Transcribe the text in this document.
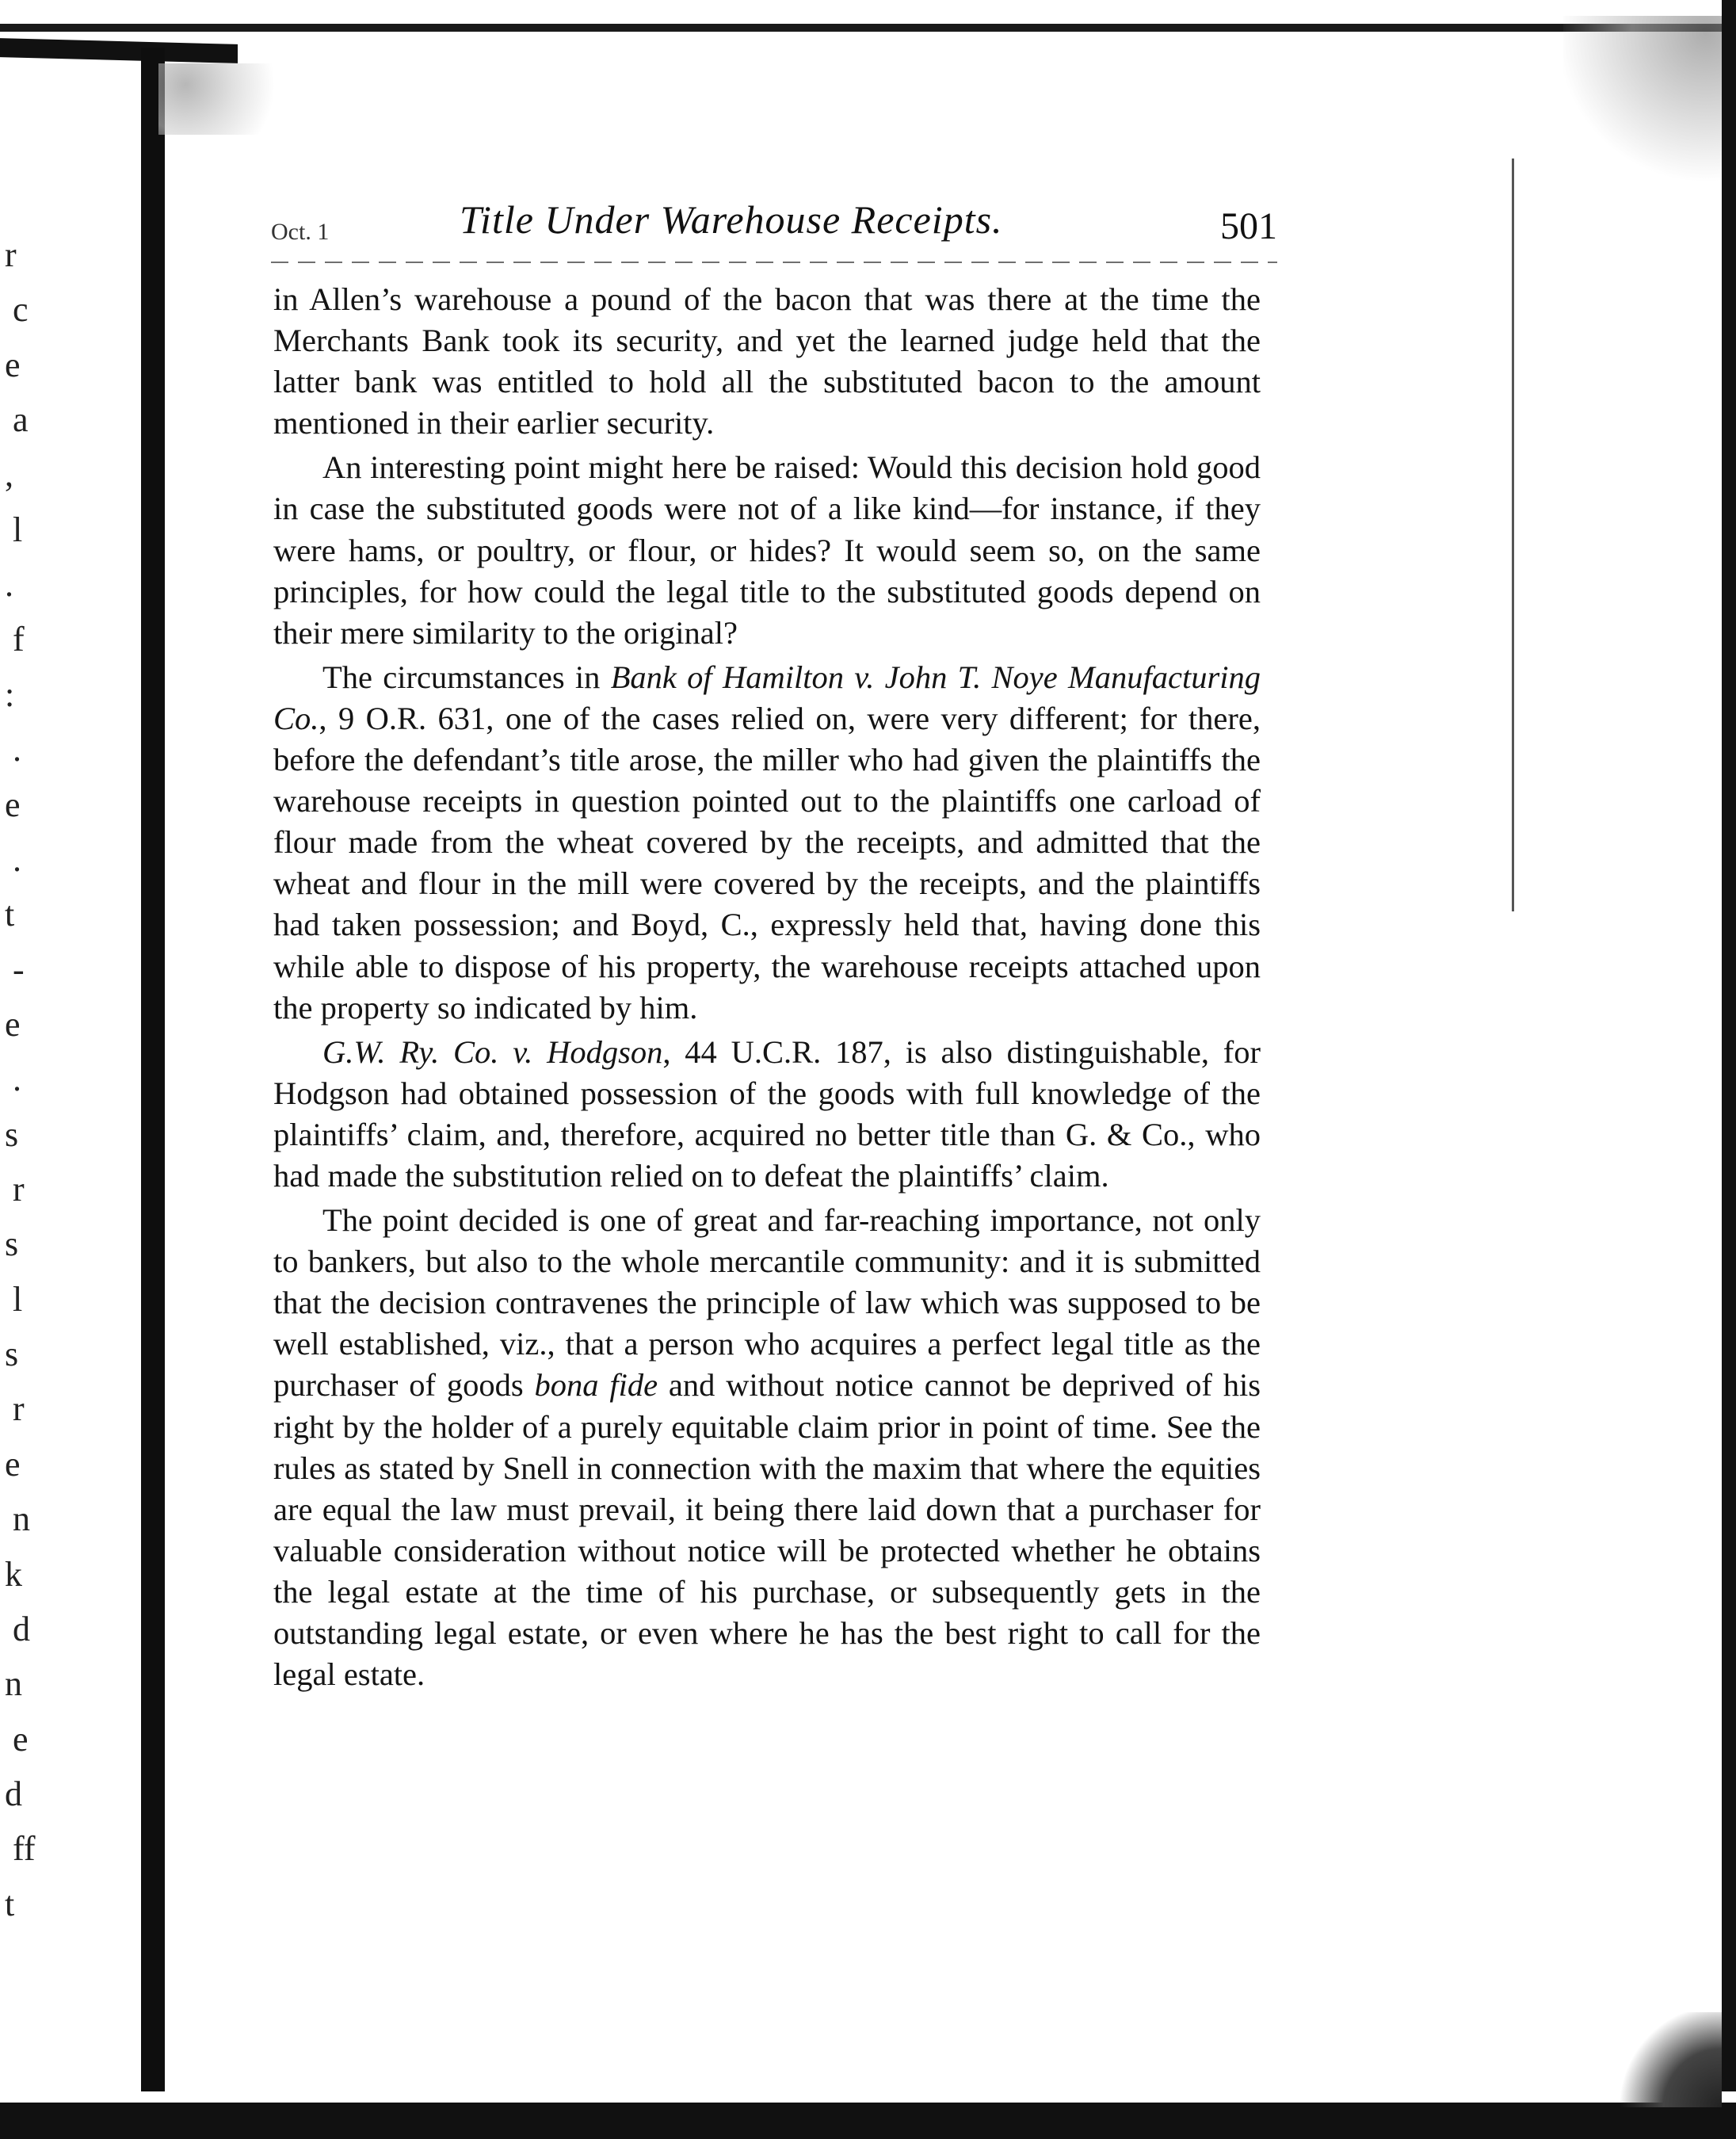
r
c
e
a
,
l
.
f
:
.
e
.
t
-
e
.
s
r
s
l
s
r
e
n
k
d
n
e
d
ff
t
Oct. 1	Title Under Warehouse Receipts.	501

in Allen’s warehouse a pound of the bacon that was there at the time the Merchants Bank took its security, and yet the learned judge held that the latter bank was entitled to hold all the substituted bacon to the amount mentioned in their earlier security.

An interesting point might here be raised: Would this decision hold good in case the substituted goods were not of a like kind—for instance, if they were hams, or poultry, or flour, or hides? It would seem so, on the same principles, for how could the legal title to the substituted goods depend on their mere similarity to the original?

The circumstances in Bank of Hamilton v. John T. Noye Manufacturing Co., 9 O.R. 631, one of the cases relied on, were very different; for there, before the defendant’s title arose, the miller who had given the plaintiffs the warehouse receipts in question pointed out to the plaintiffs one carload of flour made from the wheat covered by the receipts, and admitted that the wheat and flour in the mill were covered by the receipts, and the plaintiffs had taken possession; and Boyd, C., expressly held that, having done this while able to dispose of his property, the warehouse receipts attached upon the property so indicated by him.

G.W. Ry. Co. v. Hodgson, 44 U.C.R. 187, is also distinguishable, for Hodgson had obtained possession of the goods with full knowledge of the plaintiffs’ claim, and, therefore, acquired no better title than G. & Co., who had made the substitution relied on to defeat the plaintiffs’ claim.

The point decided is one of great and far-reaching importance, not only to bankers, but also to the whole mercantile community: and it is submitted that the decision contravenes the principle of law which was supposed to be well established, viz., that a person who acquires a perfect legal title as the purchaser of goods bona fide and without notice cannot be deprived of his right by the holder of a purely equitable claim prior in point of time. See the rules as stated by Snell in connection with the maxim that where the equities are equal the law must prevail, it being there laid down that a purchaser for valuable consideration without notice will be protected whether he obtains the legal estate at the time of his purchase, or subsequently gets in the outstanding legal estate, or even where he has the best right to call for the legal estate.
